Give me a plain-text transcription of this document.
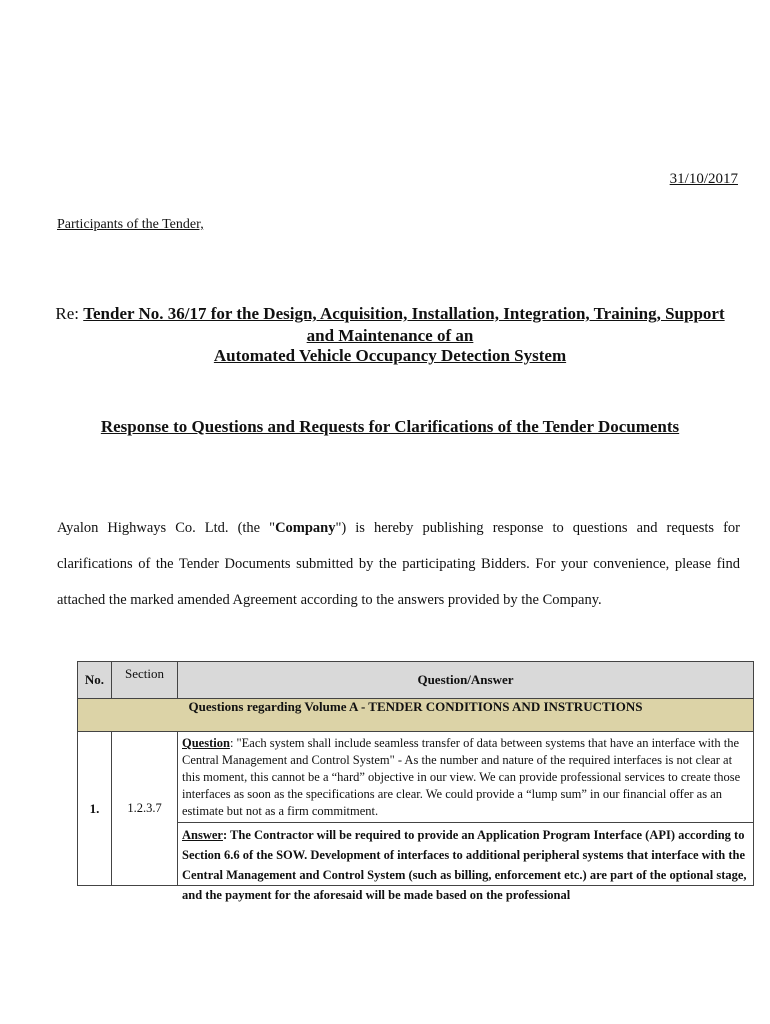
31/10/2017
Participants of the Tender,
Re: Tender No. 36/17 for the Design, Acquisition, Installation, Integration, Training, Support and Maintenance of an
Automated Vehicle Occupancy Detection System
Response to Questions and Requests for Clarifications of the Tender Documents
Ayalon Highways Co. Ltd. (the "Company") is hereby publishing response to questions and requests for clarifications of the Tender Documents submitted by the participating Bidders. For your convenience, please find attached the marked amended Agreement according to the answers provided by the Company.
No.	Section	Question/Answer
Questions regarding Volume A - TENDER CONDITIONS AND INSTRUCTIONS		
1.	1.2.3.7	Question: "Each system shall include seamless transfer of data between systems that have an interface with the Central Management and Control System" - As the number and nature of the required interfaces is not clear at this moment, this cannot be a “hard” objective in our view. We can provide professional services to create those interfaces as soon as the specifications are clear. We could provide a “lump sum” in our financial offer as an estimate but not as a firm commitment.

		Answer: The Contractor will be required to provide an Application Program Interface (API) according to Section 6.6 of the SOW. Development of interfaces to additional peripheral systems that interface with the Central Management and Control System (such as billing, enforcement etc.) are part of the optional stage, and the payment for the aforesaid will be made based on the professional
